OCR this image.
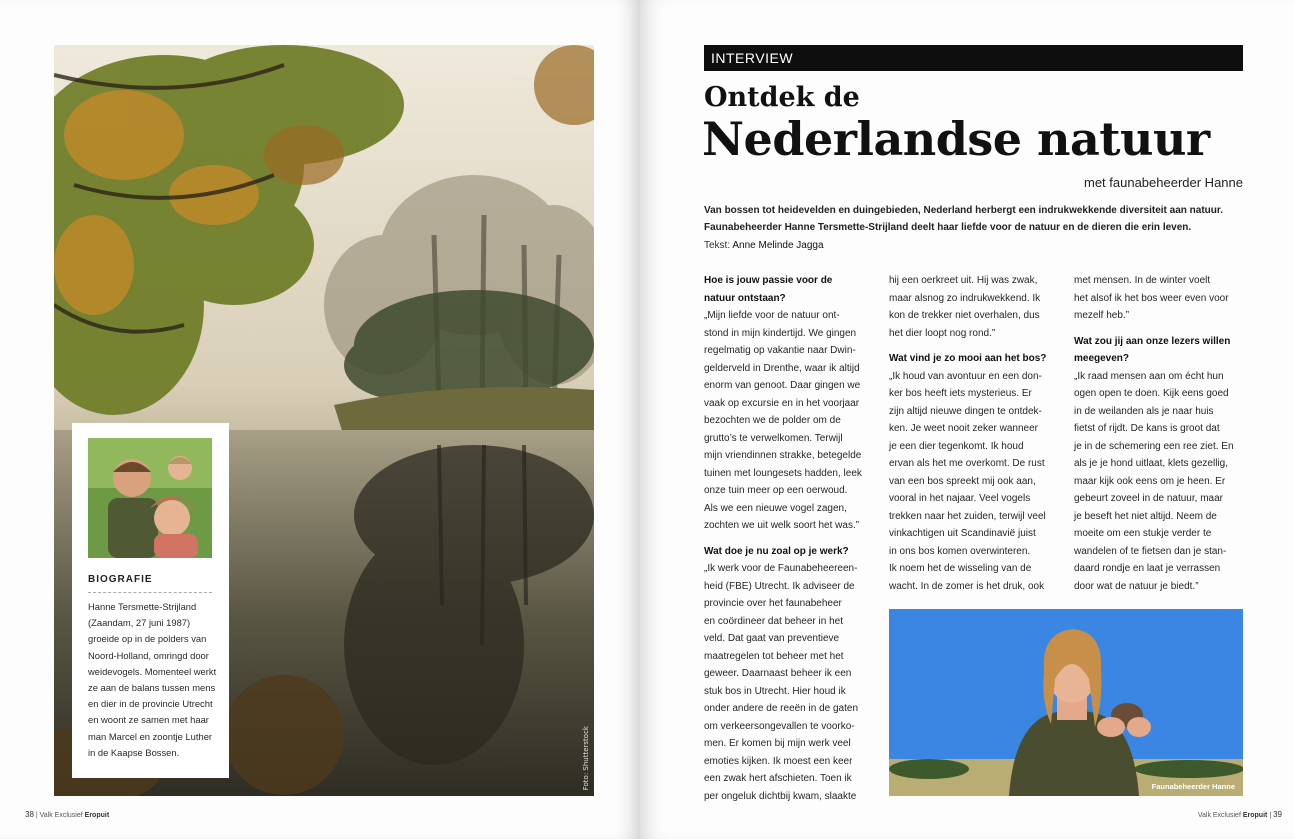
Foto: Shutterstock
BIOGRAFIE
Hanne Tersmette-Strijland
(Zaandam, 27 juni 1987)
groeide op in de polders van
Noord-Holland, omringd door
weidevogels. Momenteel werkt
ze aan de balans tussen mens
en dier in de provincie Utrecht
en woont ze samen met haar
man Marcel en zoontje Luther
in de Kaapse Bossen.
38 | Valk Exclusief Eropuit
INTERVIEW
Ontdek de
Nederlandse natuur
met faunabeheerder Hanne
Van bossen tot heidevelden en duingebieden, Nederland herbergt een indrukwekkende diversiteit aan natuur.
Faunabeheerder Hanne Tersmette-Strijland deelt haar liefde voor de natuur en de dieren die erin leven.
Tekst: Anne Melinde Jagga
Hoe is jouw passie voor de
natuur ontstaan?
„Mijn liefde voor de natuur ont-
stond in mijn kindertijd. We gingen
regelmatig op vakantie naar Dwin-
gelderveld in Drenthe, waar ik altijd
enorm van genoot. Daar gingen we
vaak op excursie en in het voorjaar
bezochten we de polder om de
grutto’s te verwelkomen. Terwijl
mijn vriendinnen strakke, betegelde
tuinen met loungesets hadden, leek
onze tuin meer op een oerwoud.
Als we een nieuwe vogel zagen,
zochten we uit welk soort het was.”
Wat doe je nu zoal op je werk?
„Ik werk voor de Faunabeheereen-
heid (FBE) Utrecht. Ik adviseer de
provincie over het faunabeheer
en coördineer dat beheer in het
veld. Dat gaat van preventieve
maatregelen tot beheer met het
geweer. Daarnaast beheer ik een
stuk bos in Utrecht. Hier houd ik
onder andere de reeën in de gaten
om verkeersongevallen te voorko-
men. Er komen bij mijn werk veel
emoties kijken. Ik moest een keer
een zwak hert afschieten. Toen ik
per ongeluk dichtbij kwam, slaakte
hij een oerkreet uit. Hij was zwak,
maar alsnog zo indrukwekkend. Ik
kon de trekker niet overhalen, dus
het dier loopt nog rond.”
Wat vind je zo mooi aan het bos?
„Ik houd van avontuur en een don-
ker bos heeft iets mysterieus. Er
zijn altijd nieuwe dingen te ontdek-
ken. Je weet nooit zeker wanneer
je een dier tegenkomt. Ik houd
ervan als het me overkomt. De rust
van een bos spreekt mij ook aan,
vooral in het najaar. Veel vogels
trekken naar het zuiden, terwijl veel
vinkachtigen uit Scandinavië juist
in ons bos komen overwinteren.
Ik noem het de wisseling van de
wacht. In de zomer is het druk, ook
met mensen. In de winter voelt
het alsof ik het bos weer even voor
mezelf heb.”
Wat zou jij aan onze lezers willen
meegeven?
„Ik raad mensen aan om écht hun
ogen open te doen. Kijk eens goed
in de weilanden als je naar huis
fietst of rijdt. De kans is groot dat
je in de schemering een ree ziet. En
als je je hond uitlaat, klets gezellig,
maar kijk ook eens om je heen. Er
gebeurt zoveel in de natuur, maar
je beseft het niet altijd. Neem de
moeite om een stukje verder te
wandelen of te fietsen dan je stan-
daard rondje en laat je verrassen
door wat de natuur je biedt.”
Faunabeheerder Hanne
Valk Exclusief Eropuit | 39
